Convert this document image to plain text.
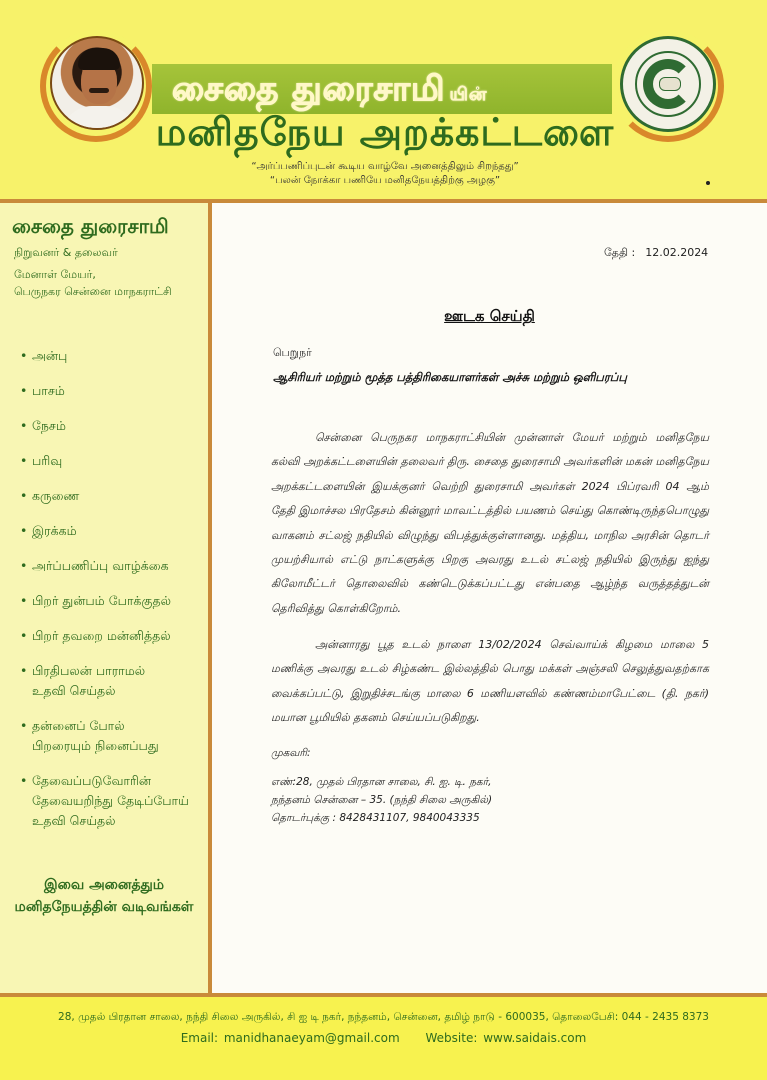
சைதை துரைசாமி யின்
மனிதநேய அறக்கட்டளை
“அர்ப்பணிப்புடன் கூடிய வாழ்வே அனைத்திலும் சிறந்தது”
“பலன் நோக்கா பணியே மனிதநேயத்திற்கு அழகு”
சைதை துரைசாமி
நிறுவனர் & தலைவர்
மேனாள் மேயர்,
பெருநகர சென்னை மாநகராட்சி
• அன்பு
• பாசம்
• நேசம்
• பரிவு
• கருணை
• இரக்கம்
• அர்ப்பணிப்பு வாழ்க்கை
• பிறர் துன்பம் போக்குதல்
• பிறர் தவறை மன்னித்தல்
• பிரதிபலன் பாராமல் உதவி செய்தல்
• தன்னைப் போல் பிறரையும் நினைப்பது
• தேவைப்படுவோரின் தேவையறிந்து தேடிப்போய் உதவி செய்தல்
இவை அனைத்தும்
மனிதநேயத்தின் வடிவங்கள்
தேதி : 12.02.2024
ஊடக செய்தி
பெறுநர்
ஆசிரியர் மற்றும் மூத்த பத்திரிகையாளர்கள் அச்சு மற்றும் ஒளிபரப்பு
    சென்னை பெருநகர மாநகராட்சியின் முன்னாள் மேயர் மற்றும் மனிதநேய கல்வி அறக்கட்டளையின் தலைவர் திரு. சைதை துரைசாமி அவர்களின் மகன் மனிதநேய அறக்கட்டளையின் இயக்குனர் வெற்றி துரைசாமி அவர்கள் 2024 பிப்ரவரி 04 ஆம் தேதி இமாச்சல பிரதேசம் கின்னூர் மாவட்டத்தில் பயணம் செய்து கொண்டிருந்தபொழுது வாகனம் சட்லஜ் நதியில் விழுந்து விபத்துக்குள்ளானது. மத்திய, மாநில அரசின் தொடர் முயற்சியால் எட்டு நாட்களுக்கு பிறகு அவரது உடல் சட்லஜ் நதியில் இருந்து ஐந்து கிலோமீட்டர் தொலைவில் கண்டெடுக்கப்பட்டது என்பதை ஆழ்ந்த வருத்தத்துடன் தெரிவித்து கொள்கிறோம்.
    அன்னாரது பூத உடல் நாளை 13/02/2024 செவ்வாய்க் கிழமை மாலை 5 மணிக்கு அவரது உடல் சிழ்கண்ட இல்லத்தில் பொது மக்கள் அஞ்சலி செலுத்துவதற்காக வைக்கப்பட்டு, இறுதிச்சடங்கு மாலை 6 மணியளவில் கண்ணம்மாபேட்டை (தி. நகர்) மயான பூமியில் தகனம் செய்யப்படுகிறது.
முகவரி:
எண்:28, முதல் பிரதான சாலை, சி. ஐ. டி. நகர்,
நந்தனம் சென்னை – 35. (நந்தி சிலை அருகில்)
தொடர்புக்கு : 8428431107, 9840043335
28, முதல் பிரதான சாலை, நந்தி சிலை அருகில், சி ஐ டி நகர், நந்தனம், சென்னை, தமிழ் நாடு - 600035, தொலைபேசி: 044 - 2435 8373
Email: manidhanaeyam@gmail.com Website: www.saidais.com
